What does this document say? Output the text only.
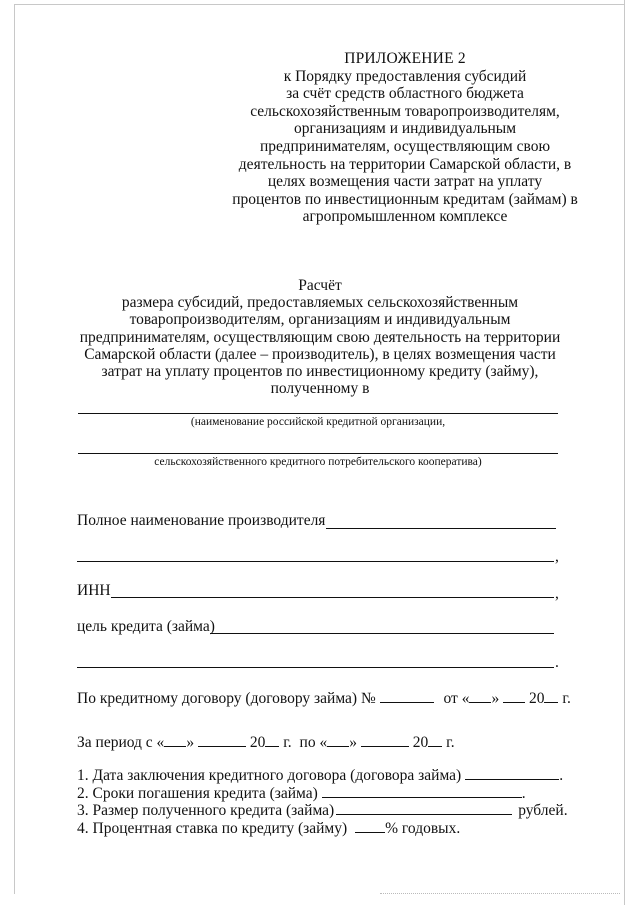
ПРИЛОЖЕНИЕ 2
к Порядку предоставления субсидий
за счёт средств областного бюджета
сельскохозяйственным товаропроизводителям,
организациям и индивидуальным
предпринимателям, осуществляющим свою
деятельность на территории Самарской области, в
целях возмещения части затрат на уплату
процентов по инвестиционным кредитам (займам) в
агропромышленном комплексе
Расчёт
размера субсидий, предоставляемых сельскохозяйственным
товаропроизводителям, организациям и индивидуальным
предпринимателям, осуществляющим свою деятельность на территории
Самарской области (далее – производитель), в целях возмещения части
затрат на уплату процентов по инвестиционному кредиту (займу),
полученному в
(наименование российской кредитной организации,
сельскохозяйственного кредитного потребительского кооператива)
Полное наименование производителя
,
ИНН	,
цель кредита (займа)
.
По кредитному договору (договору займа) №	от « » 20 г.
За период с « »	20 г. по « »	20 г.
1. Дата заключения кредитного договора (договора займа)	.
2. Сроки погашения кредита (займа)	.
3. Размер полученного кредита (займа)	рублей.
4. Процентная ставка по кредиту (займу) % годовых.
